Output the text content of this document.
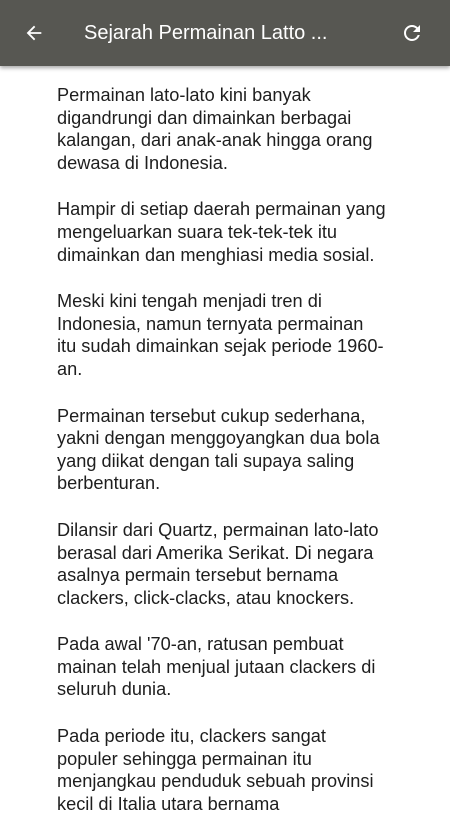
Sejarah Permainan Latto ...

Permainan lato-lato kini banyak digandrungi dan dimainkan berbagai kalangan, dari anak-anak hingga orang dewasa di Indonesia.

Hampir di setiap daerah permainan yang mengeluarkan suara tek-tek-tek itu dimainkan dan menghiasi media sosial.

Meski kini tengah menjadi tren di Indonesia, namun ternyata permainan itu sudah dimainkan sejak periode 1960-an.

Permainan tersebut cukup sederhana, yakni dengan menggoyangkan dua bola yang diikat dengan tali supaya saling berbenturan.

Dilansir dari Quartz, permainan lato-lato berasal dari Amerika Serikat. Di negara asalnya permain tersebut bernama clackers, click-clacks, atau knockers.

Pada awal '70-an, ratusan pembuat mainan telah menjual jutaan clackers di seluruh dunia.

Pada periode itu, clackers sangat populer sehingga permainan itu menjangkau penduduk sebuah provinsi kecil di Italia utara bernama
